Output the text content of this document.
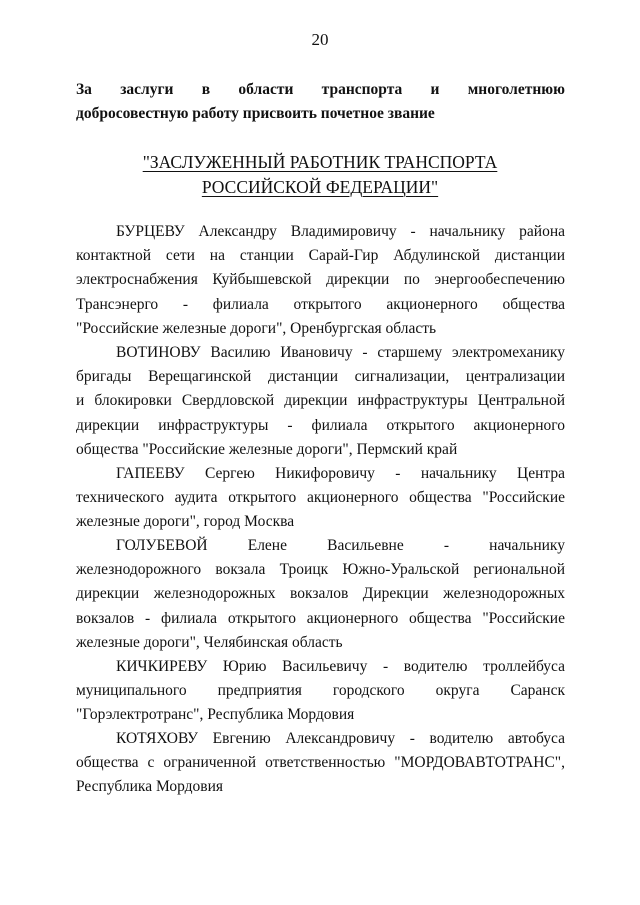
20
За заслуги в области транспорта и многолетнюю
добросовестную работу присвоить почетное звание
"ЗАСЛУЖЕННЫЙ РАБОТНИК ТРАНСПОРТА
РОССИЙСКОЙ ФЕДЕРАЦИИ"
БУРЦЕВУ Александру Владимировичу - начальнику района
контактной сети на станции Сарай-Гир Абдулинской дистанции
электроснабжения Куйбышевской дирекции по энергообеспечению
Трансэнерго - филиала открытого акционерного общества
"Российские железные дороги", Оренбургская область
ВОТИНОВУ Василию Ивановичу - старшему электромеханику
бригады Верещагинской дистанции сигнализации, централизации
и блокировки Свердловской дирекции инфраструктуры Центральной
дирекции инфраструктуры - филиала открытого акционерного
общества "Российские железные дороги", Пермский край
ГАПЕЕВУ Сергею Никифоровичу - начальнику Центра
технического аудита открытого акционерного общества "Российские
железные дороги", город Москва
ГОЛУБЕВОЙ Елене Васильевне - начальнику
железнодорожного вокзала Троицк Южно-Уральской региональной
дирекции железнодорожных вокзалов Дирекции железнодорожных
вокзалов - филиала открытого акционерного общества "Российские
железные дороги", Челябинская область
КИЧКИРЕВУ Юрию Васильевичу - водителю троллейбуса
муниципального предприятия городского округа Саранск
"Горэлектротранс", Республика Мордовия
КОТЯХОВУ Евгению Александровичу - водителю автобуса
общества с ограниченной ответственностью "МОРДОВАВТОТРАНС",
Республика Мордовия
